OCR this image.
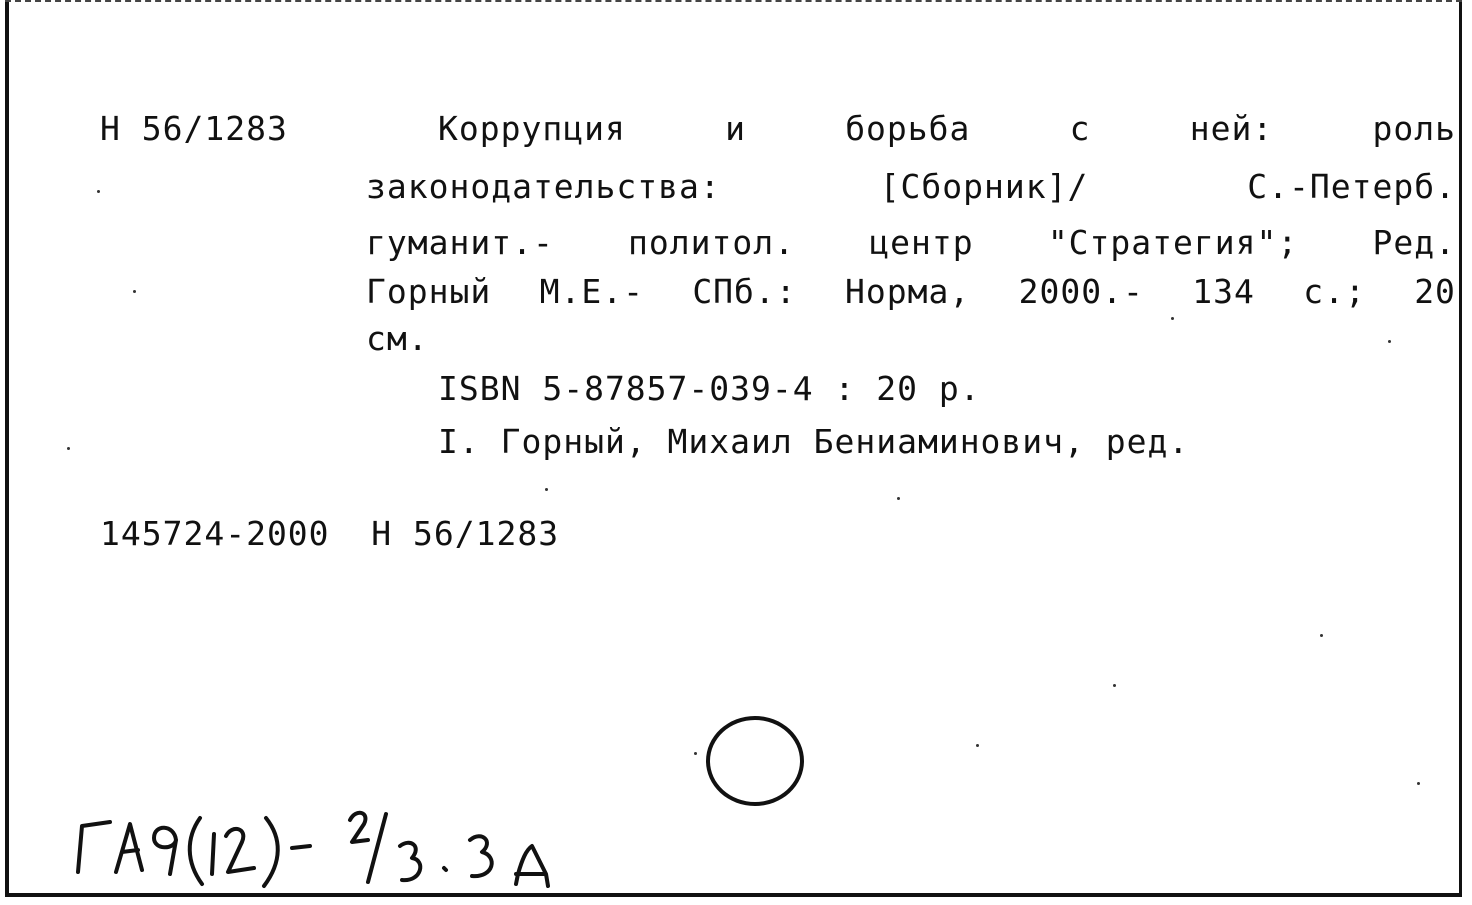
Н 56/1283	Коррупция	и	борьба	с	ней:	роль
законодательства:	[Сборник]/	С.-Петерб.
гуманит.- политол. центр "Стратегия"; Ред.
Горный М.Е.- СПб.: Норма, 2000.- 134 с.; 20
см.
ISBN 5-87857-039-4 : 20 р.
I. Горный, Михаил Бениаминович, ред.
145724-2000  Н 56/1283
